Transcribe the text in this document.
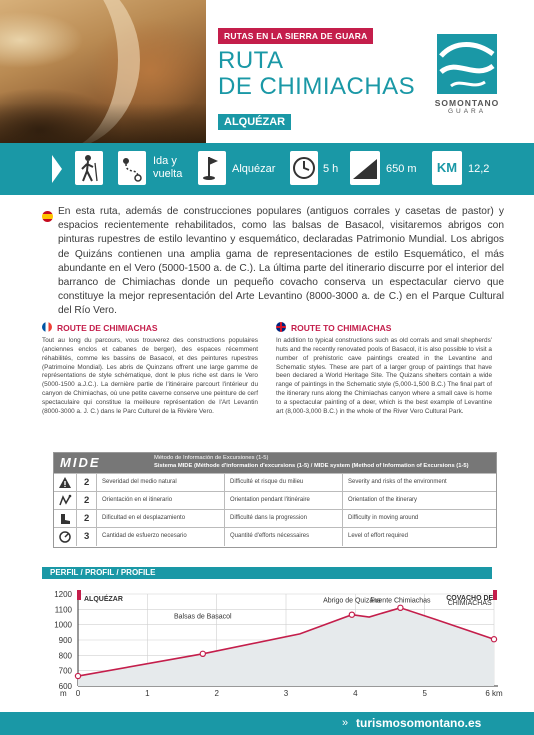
RUTAS EN LA SIERRA DE GUARA
RUTA
DE CHIMIACHAS
ALQUÉZAR
SOMONTANO
GUARA
Ida y vuelta	Alquézar	5 h	650 m	KM 12,2

En esta ruta, además de construcciones populares (antiguos corrales y casetas de pastor) y espacios recientemente rehabilitados, como las balsas de Basacol, visitaremos abrigos con pinturas rupestres de estilo levantino y esquemático, declaradas Patrimonio Mundial. Los abrigos de Quizáns contienen una amplia gama de representaciones de estilo Esquemático, el más abundante en el Vero (5000-1500 a. de C.). La última parte del itinerario discurre por el interior del barranco de Chimiachas donde un pequeño covacho conserva un espectacular ciervo que constituye la mejor representación del Arte Levantino (8000-3000 a. de C.) en el Parque Cultural del Río Vero.

ROUTE DE CHIMIACHAS

Tout au long du parcours, vous trouverez des constructions populaires (anciennes enclos et cabanes de berger), des espaces récemment réhabilités, comme les bassins de Basacol, et des peintures rupestres (Patrimoine Mondial). Les abris de Quinzans offrent une large gamme de représentations de style schématique, dont le plus riche est dans le Vero (5000-1500 a.J.C.). La dernière partie de l'itinéraire parcourt l'intérieur du canyon de Chimiachas, où une petite caverne conserve une peinture de cerf spectaculaire qui constitue la meilleure représentation de l'Art Levantin (8000-3000 a. J. C.) dans le Parc Culturel de la Rivière Vero.

ROUTE TO CHIMIACHAS

In addition to typical constructions such as old corrals and small shepherds' huts and the recently renovated pools of Basacol, it is also possible to visit a number of prehistoric cave paintings created in the Levantine and Schematic styles. These are part of a larger group of paintings that have been declared a World Heritage Site. The Quizans shelters contain a wide range of paintings in the Schematic style (5,000-1,500 B.C.) The final part of the itinerary runs along the Chimiachas canyon where a small cave is home to a spectacular painting of a deer, which is the best example of Levantine art (8,000-3,000 B.C.) in the whole of the River Vero Cultural Park.

MIDE	Método de Información de Excursiones (1-5)
Sistema MIDE (Méthode d'information d'excursions (1-5) / MIDE system (Method of Information of Excursions (1-5)
2 Severidad del medio natural	Difficulté et risque du milieu	Severity and risks of the environment
2 Orientación en el itinerario	Orientation pendant l'itinéraire	Orientation of the itinerary
2 Dificultad en el desplazamiento	Difficulté dans la progression	Difficulty in moving around
3 Cantidad de esfuerzo necesario	Quantité d'efforts nécessaires	Level of effort required
PERFIL / PROFIL / PROFILE
600
700
800
900
1000
1100
1200
0	1	2	3	4	5	6 km
m
ALQUÉZAR
Balsas de Basacol
Abrigo de Quizáns
Fuente Chimiachas COVACHO DE
CHIMIACHAS
» turismosomontano.es
